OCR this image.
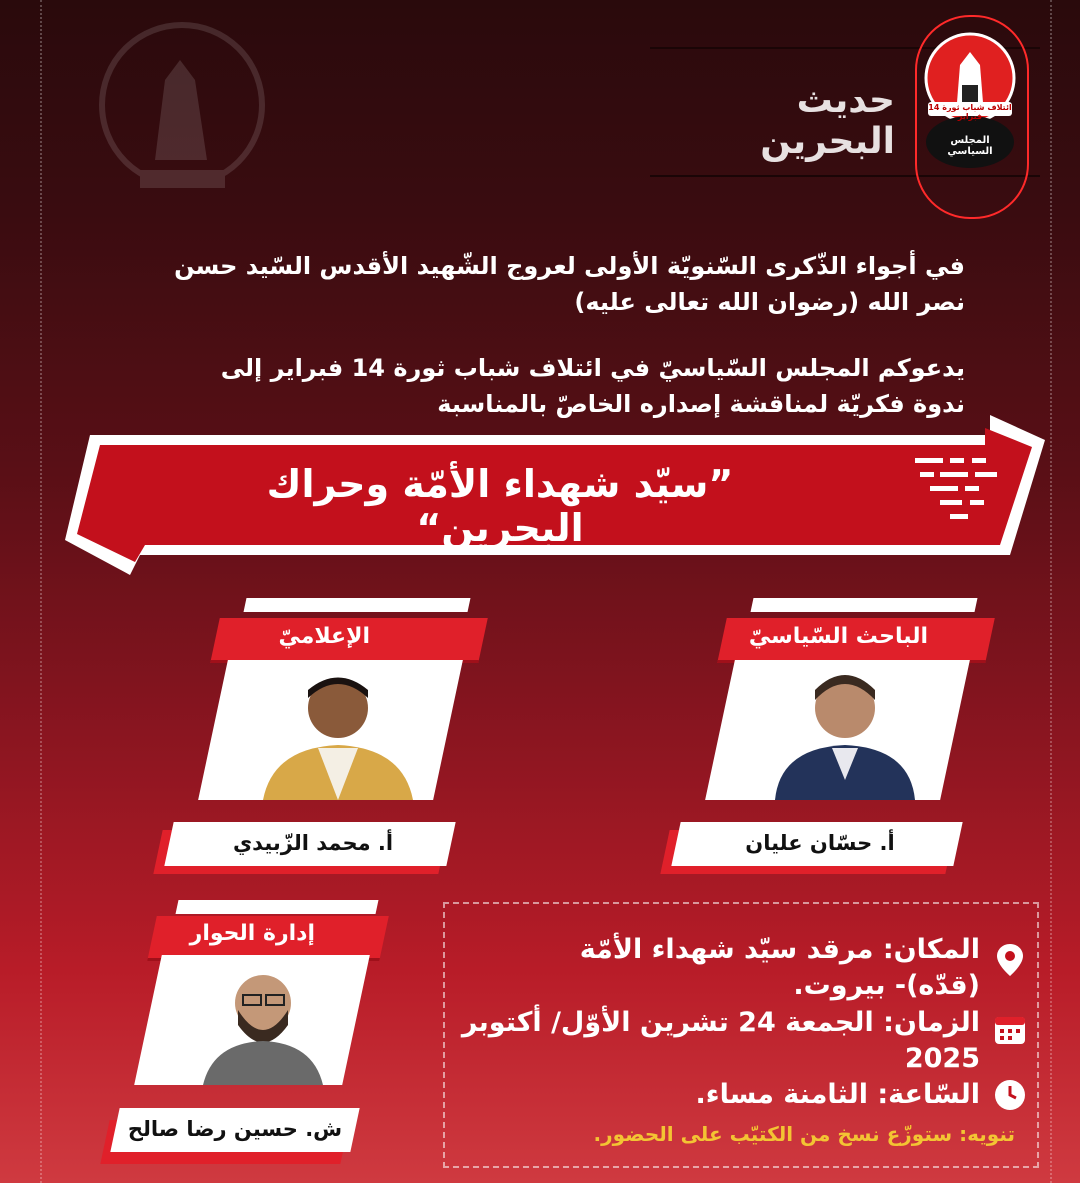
حديث البحرين
ائتلاف شباب ثورة 14 فبراير
المجلس السياسي
في أجواء الذّكرى السّنويّة الأولى لعروج الشّهيد الأقدس السّيد حسن
نصر الله (رضوان الله تعالى عليه)
يدعوكم المجلس السّياسيّ في ائتلاف شباب ثورة 14 فبراير إلى
ندوة فكريّة لمناقشة إصداره الخاصّ بالمناسبة
”سيّد شهداء الأمّة وحراك البحرين“
الباحث السّياسيّ
أ. حسّان عليان
الإعلاميّ
أ. محمد الزّبيدي
إدارة الحوار
ش. حسين رضا صالح
المكان: مرقد سيّد شهداء الأمّة
(قدّه)- بيروت.
الزمان: الجمعة 24 تشرين الأوّل/ أكتوبر
2025
السّاعة: الثامنة مساء.
تنويه: ستوزّع نسخ من الكتيّب على الحضور.
